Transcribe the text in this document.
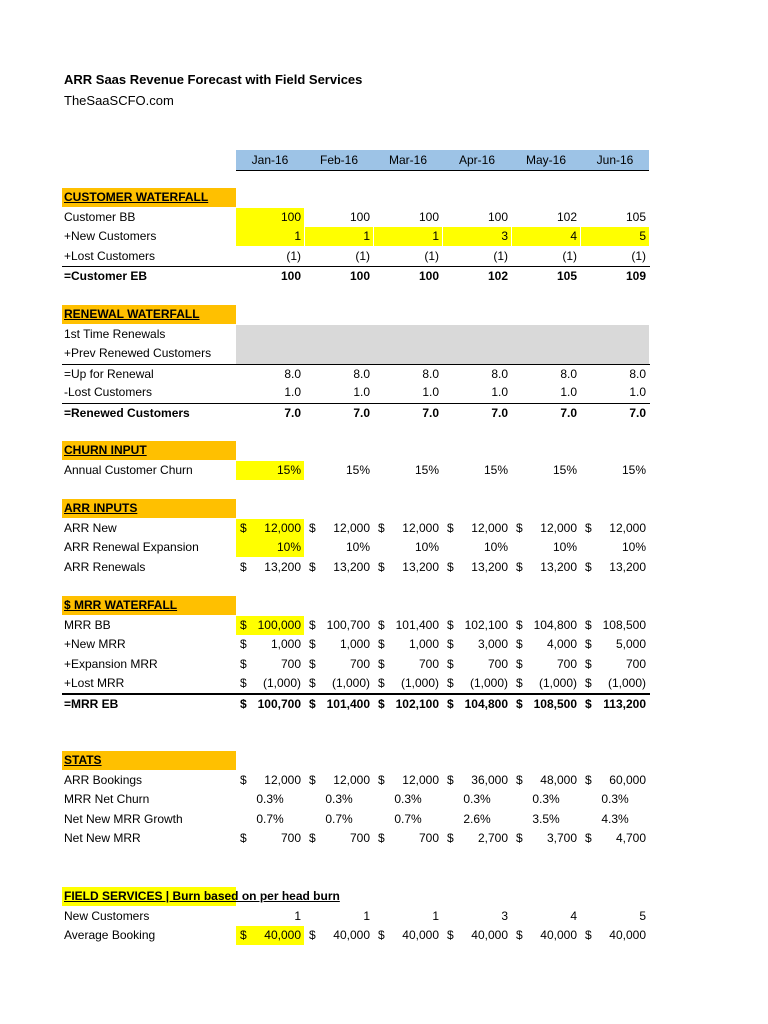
ARR Saas Revenue Forecast with Field Services
TheSaaSCFO.com
Jan-16	Feb-16	Mar-16	Apr-16	May-16	Jun-16
CUSTOMER WATERFALL
Customer BB	100	100	100	100	102	105
+New Customers	1	1	1	3	4	5
+Lost Customers	(1)	(1)	(1)	(1)	(1)	(1)
=Customer EB	100	100	100	102	105	109
RENEWAL WATERFALL
1st Time Renewals
+Prev Renewed Customers
=Up for Renewal	8.0	8.0	8.0	8.0	8.0	8.0
-Lost Customers	1.0	1.0	1.0	1.0	1.0	1.0
=Renewed Customers	7.0	7.0	7.0	7.0	7.0	7.0
CHURN INPUT
Annual Customer Churn	15%	15%	15%	15%	15%	15%
ARR INPUTS
ARR New	$ 12,000 $ 12,000 $ 12,000 $ 12,000 $ 12,000 $ 12,000
ARR Renewal Expansion	10%	10%	10%	10%	10%	10%
ARR Renewals	$ 13,200 $ 13,200 $ 13,200 $ 13,200 $ 13,200 $ 13,200
$ MRR WATERFALL
MRR BB	$ 100,000 $ 100,700 $ 101,400 $ 102,100 $ 104,800 $ 108,500
+New MRR	$ 1,000 $ 1,000 $ 1,000 $ 3,000 $ 4,000 $ 5,000
+Expansion MRR	$	700 $	700 $	700 $	700 $	700 $	700
+Lost MRR	$ (1,000) $ (1,000) $ (1,000) $ (1,000) $ (1,000) $ (1,000)
=MRR EB	$ 100,700 $ 101,400 $ 102,100 $ 104,800 $ 108,500 $ 113,200
STATS
ARR Bookings	$ 12,000 $ 12,000 $ 12,000 $ 36,000 $ 48,000 $ 60,000
MRR Net Churn	0.3%	0.3%	0.3%	0.3%	0.3%	0.3%
Net New MRR Growth	0.7%	0.7%	0.7%	2.6%	3.5%	4.3%
Net New MRR	$	700 $	700 $	700 $ 2,700 $ 3,700 $ 4,700
FIELD SERVICES | Burn based on per head burn
New Customers	1	1	1	3	4	5
Average Booking	$ 40,000 $ 40,000 $ 40,000 $ 40,000 $ 40,000 $ 40,000
